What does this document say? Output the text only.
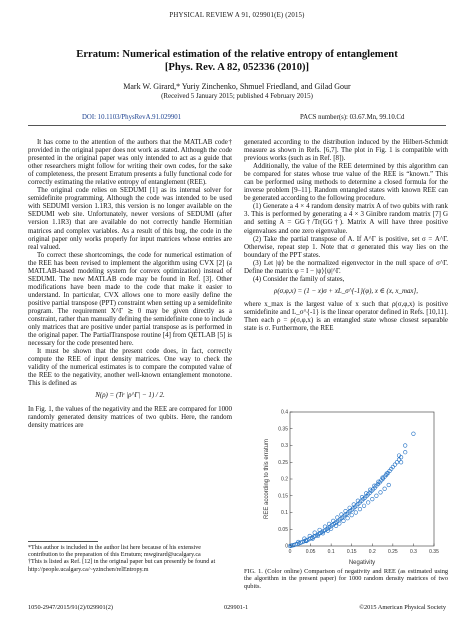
PHYSICAL REVIEW A 91, 029901(E) (2015)
Erratum: Numerical estimation of the relative entropy of entanglement
[Phys. Rev. A 82, 052336 (2010)]
Mark W. Girard,* Yuriy Zinchenko, Shmuel Friedland, and Gilad Gour
(Received 5 January 2015; published 4 February 2015)
DOI: 10.1103/PhysRevA.91.029901	PACS number(s): 03.67.Mn, 99.10.Cd

It has come to the attention of the authors that the MATLAB code† provided in the original paper does not work as stated. Although the code presented in the original paper was only intended to act as a guide that other researchers might follow for writing their own codes, for the sake of completeness, the present Erratum presents a fully functional code for correctly estimating the relative entropy of entanglement (REE).

The original code relies on SEDUMI [1] as its internal solver for semidefinite programming. Although the code was intended to be used with SEDUMI version 1.1R3, this version is no longer available on the SEDUMI web site. Unfortunately, newer versions of SEDUMI (after version 1.1R3) that are available do not correctly handle Hermitian matrices and complex variables. As a result of this bug, the code in the original paper only works properly for input matrices whose entries are real valued.

To correct these shortcomings, the code for numerical estimation of the REE has been revised to implement the algorithm using CVX [2] (a MATLAB-based modeling system for convex optimization) instead of SEDUMI. The new MATLAB code may be found in Ref. [3]. Other modifications have been made to the code that make it easier to understand. In particular, CVX allows one to more easily define the positive partial transpose (PPT) constraint when setting up a semidefinite program. The requirement X^Γ ⪰ 0 may be given directly as a constraint, rather than manually defining the semidefinite cone to include only matrices that are positive under partial transpose as is performed in the original paper. The PartialTranspose routine [4] from QETLAB [5] is necessary for the code presented here.

It must be shown that the present code does, in fact, correctly compute the REE of input density matrices. One way to check the validity of the numerical estimates is to compare the computed value of the REE to the negativity, another well-known entanglement monotone. This is defined as

N(ρ) = (Tr |ρ^Γ| − 1) / 2.

In Fig. 1, the values of the negativity and the REE are compared for 1000 randomly generated density matrices of two qubits. Here, the random density matrices are

generated according to the distribution induced by the Hilbert-Schmidt measure as shown in Refs. [6,7]. The plot in Fig. 1 is compatible with previous works (such as in Ref. [8]).

Additionally, the value of the REE determined by this algorithm can be compared for states whose true value of the REE is “known.” This can be performed using methods to determine a closed formula for the inverse problem [9–11]. Random entangled states with known REE can be generated according to the following procedure.

(1) Generate a 4 × 4 random density matrix A of two qubits with rank 3. This is performed by generating a 4 × 3 Ginibre random matrix [7] G and setting A = GG†/Tr(GG†). Matrix A will have three positive eigenvalues and one zero eigenvalue.

(2) Take the partial transpose of A. If A^Γ is positive, set σ = A^Γ. Otherwise, repeat step 1. Note that σ generated this way lies on the boundary of the PPT states.

(3) Let |ψ⟩ be the normalized eigenvector in the null space of σ^Γ. Define the matrix φ = I − |ψ⟩⟨ψ|^Γ.

(4) Consider the family of states,

ρ(σ,φ,x) = (1 − x)σ + xL_σ^{-1}(φ), x ∈ (x, x_max],

where x_max is the largest value of x such that ρ(σ,φ,x) is positive semidefinite and L_σ^{-1} is the linear operator defined in Refs. [10,11]. Then each ρ = ρ(σ,φ,x) is an entangled state whose closest separable state is σ. Furthermore, the REE

0	0.05 0.1 0.15 0.2 0.25 0.3 0.35
0
0.05
0.1
0.15
0.2
0.25
0.3
0.35
0.4
Negativity
REE according to this erratum
FIG. 1. (Color online) Comparison of negativity and REE (as estimated using the algorithm in the present paper) for 1000 random density matrices of two qubits.
*This author is included in the author list here because of his extensive contribution to the preparation of this Erratum; mwgirard@ucalgary.ca
†This is listed as Ref. [12] in the original paper but can presently be found at http://people.ucalgary.ca/~yzinchen/relEntropy.m
1050-2947/2015/91(2)/029901(2)	029901-1	©2015 American Physical Society
